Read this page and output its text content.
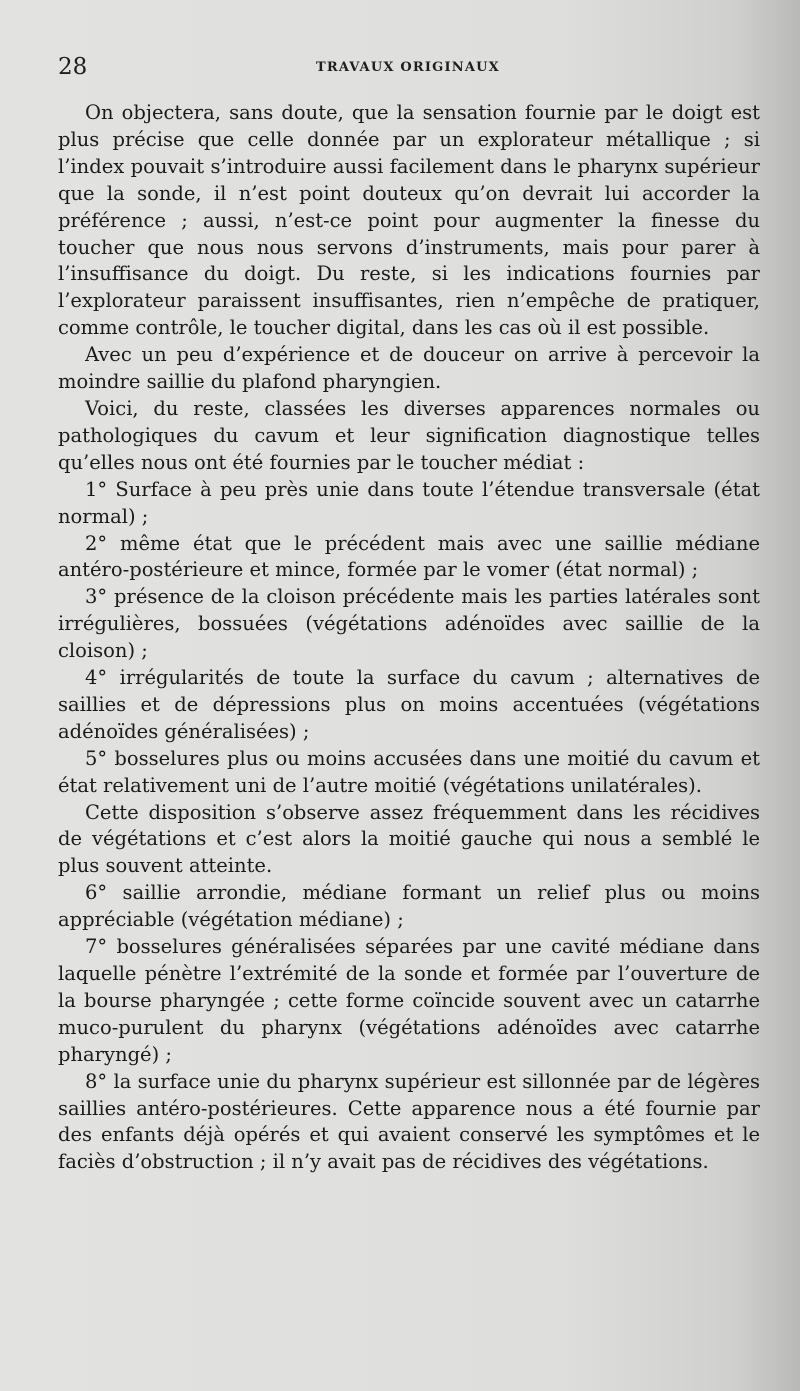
28	TRAVAUX ORIGINAUX

On objectera, sans doute, que la sensation fournie par le doigt est plus précise que celle donnée par un explorateur métallique ; si l’index pouvait s’introduire aussi facilement dans le pharynx supérieur que la sonde, il n’est point douteux qu’on devrait lui accorder la préférence ; aussi, n’est-ce point pour augmenter la finesse du toucher que nous nous servons d’instruments, mais pour parer à l’insuffisance du doigt. Du reste, si les indications fournies par l’explorateur paraissent insuffisantes, rien n’empêche de pratiquer, comme contrôle, le toucher digital, dans les cas où il est possible.

Avec un peu d’expérience et de douceur on arrive à percevoir la moindre saillie du plafond pharyngien.

Voici, du reste, classées les diverses apparences normales ou pathologiques du cavum et leur signification diagnostique telles qu’elles nous ont été fournies par le toucher médiat :

1° Surface à peu près unie dans toute l’étendue transversale (état normal) ;

2° même état que le précédent mais avec une saillie médiane antéro-postérieure et mince, formée par le vomer (état normal) ;

3° présence de la cloison précédente mais les parties latérales sont irrégulières, bossuées (végétations adénoïdes avec saillie de la cloison) ;

4° irrégularités de toute la surface du cavum ; alternatives de saillies et de dépressions plus on moins accentuées (végétations adénoïdes généralisées) ;

5° bosselures plus ou moins accusées dans une moitié du cavum et état relativement uni de l’autre moitié (végétations unilatérales).

Cette disposition s’observe assez fréquemment dans les récidives de végétations et c’est alors la moitié gauche qui nous a semblé le plus souvent atteinte.

6° saillie arrondie, médiane formant un relief plus ou moins appréciable (végétation médiane) ;

7° bosselures généralisées séparées par une cavité médiane dans laquelle pénètre l’extrémité de la sonde et formée par l’ouverture de la bourse pharyngée ; cette forme coïncide souvent avec un catarrhe muco-purulent du pharynx (végétations adénoïdes avec catarrhe pharyngé) ;

8° la surface unie du pharynx supérieur est sillonnée par de légères saillies antéro-postérieures. Cette apparence nous a été fournie par des enfants déjà opérés et qui avaient conservé les symptômes et le faciès d’obstruction ; il n’y avait pas de récidives des végétations.
